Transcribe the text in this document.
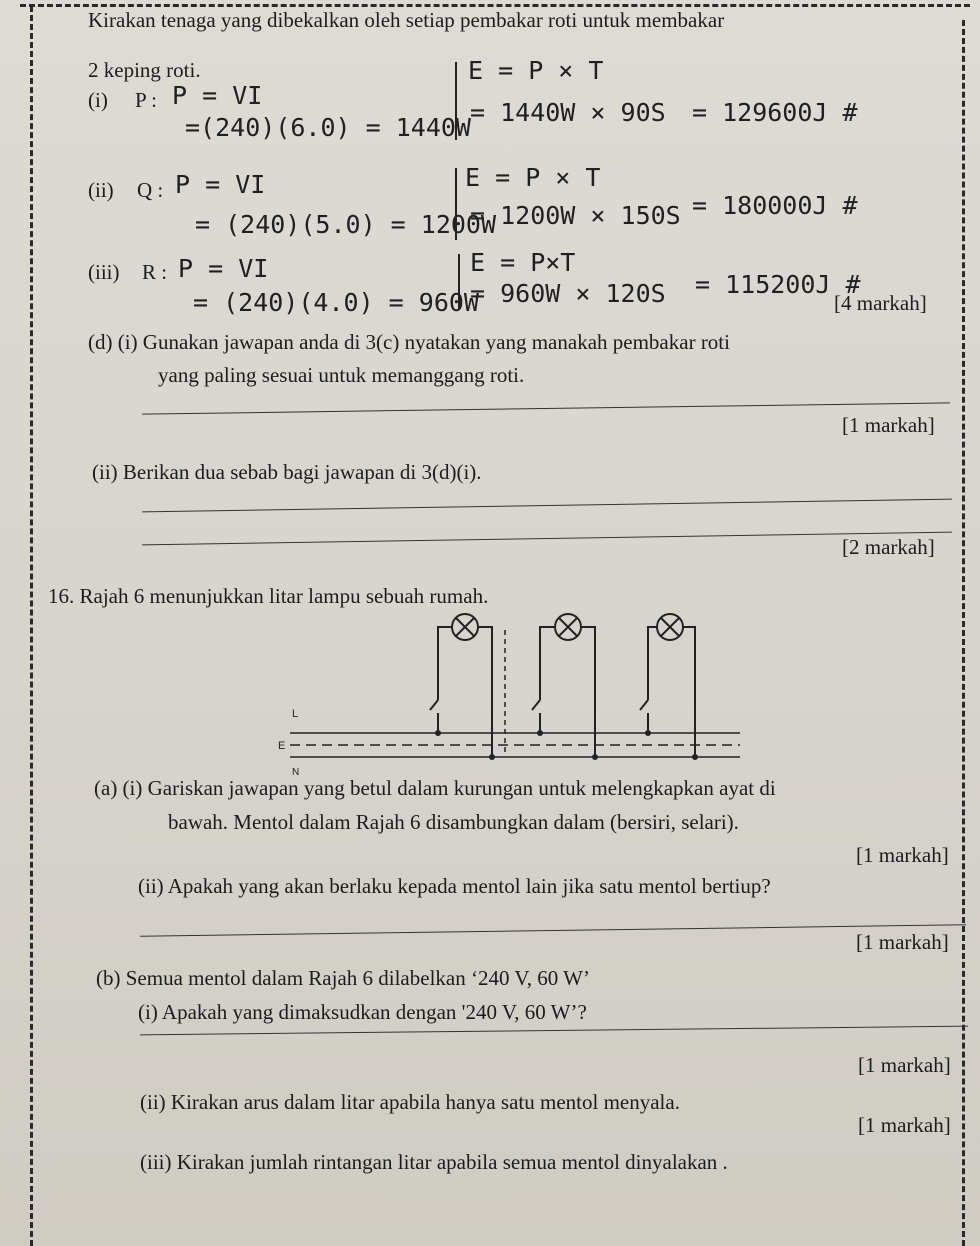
Kirakan tenaga yang dibekalkan oleh setiap pembakar roti untuk membakar
2 keping roti.
(i) P : P = VI
=(240)(6.0) = 1440W
E = P × T
= 1440W × 90S = 129600J #
(ii) Q : P = VI
= (240)(5.0) = 1200W
E = P × T
= 1200W × 150S = 180000J #
(iii) R : P = VI
= (240)(4.0) = 960W
E = P×T
= 960W × 120S = 115200J #
[4 markah]
(d) (i) Gunakan jawapan anda di 3(c) nyatakan yang manakah pembakar roti
yang paling sesuai untuk memanggang roti.
[1 markah]
(ii) Berikan dua sebab bagi jawapan di 3(d)(i).
[2 markah]
16. Rajah 6 menunjukkan litar lampu sebuah rumah.
L
E
N
(a) (i) Gariskan jawapan yang betul dalam kurungan untuk melengkapkan ayat di
bawah. Mentol dalam Rajah 6 disambungkan dalam (bersiri, selari).
[1 markah]
(ii) Apakah yang akan berlaku kepada mentol lain jika satu mentol bertiup?
[1 markah]
(b) Semua mentol dalam Rajah 6 dilabelkan ‘240 V, 60 W’
(i) Apakah yang dimaksudkan dengan '240 V, 60 W’?
[1 markah]
(ii) Kirakan arus dalam litar apabila hanya satu mentol menyala.
[1 markah]
(iii) Kirakan jumlah rintangan litar apabila semua mentol dinyalakan .
